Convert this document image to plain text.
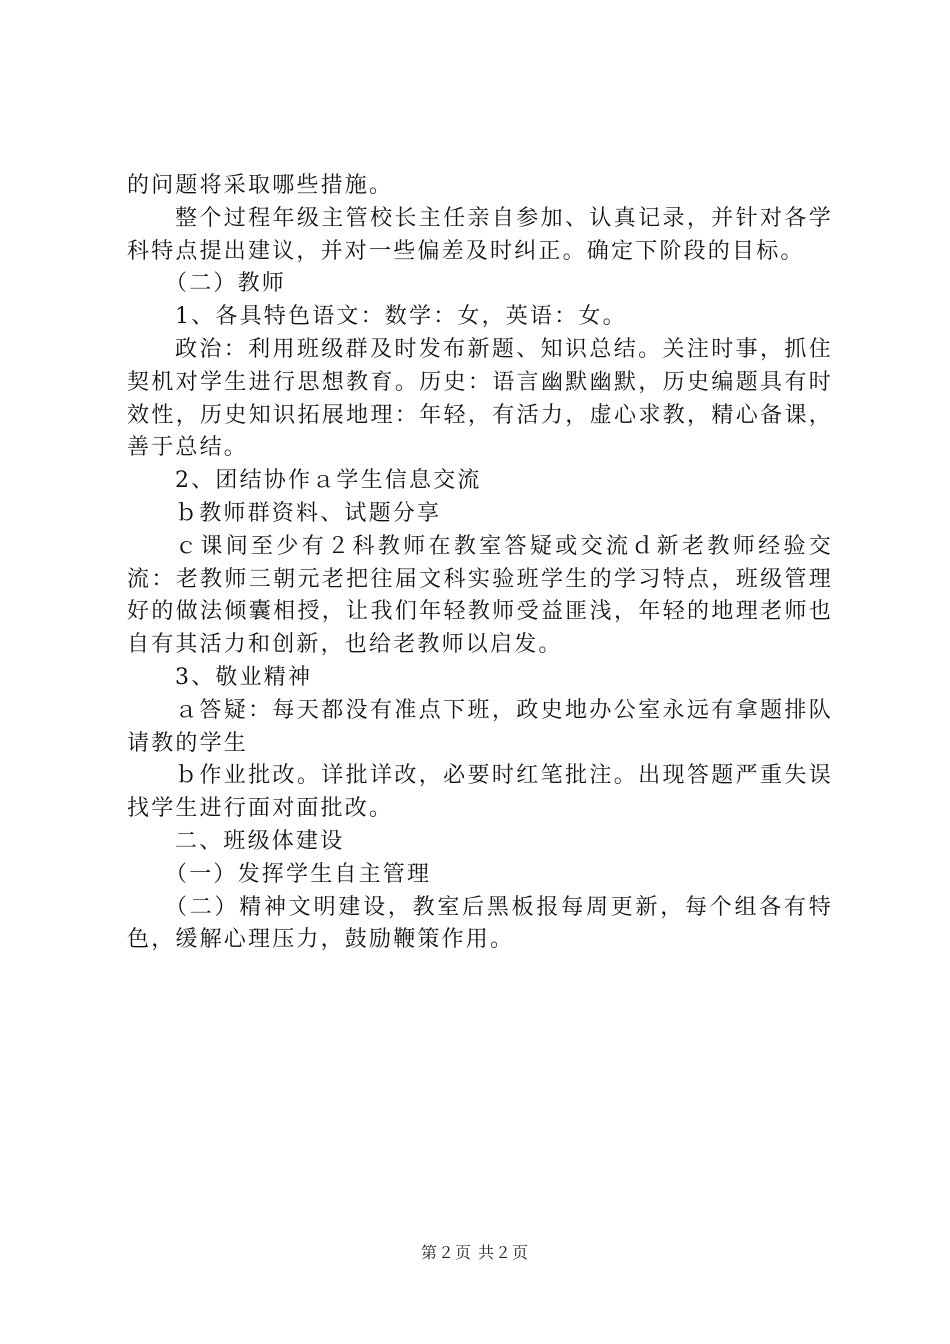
的问题将采取哪些措施。

整个过程年级主管校长主任亲自参加、认真记录，并针对各学科特点提出建议，并对一些偏差及时纠正。确定下阶段的目标。

（二）教师

1、各具特色语文：数学：女，英语：女。

政治：利用班级群及时发布新题、知识总结。关注时事，抓住契机对学生进行思想教育。历史：语言幽默幽默，历史编题具有时效性，历史知识拓展地理：年轻，有活力，虚心求教，精心备课，善于总结。

2、团结协作ａ学生信息交流

ｂ教师群资料、试题分享

ｃ课间至少有２科教师在教室答疑或交流ｄ新老教师经验交流：老教师三朝元老把往届文科实验班学生的学习特点，班级管理好的做法倾囊相授，让我们年轻教师受益匪浅，年轻的地理老师也自有其活力和创新，也给老教师以启发。

3、敬业精神

ａ答疑：每天都没有准点下班，政史地办公室永远有拿题排队请教的学生

ｂ作业批改。详批详改，必要时红笔批注。出现答题严重失误找学生进行面对面批改。

二、班级体建设

（一）发挥学生自主管理

（二）精神文明建设，教室后黑板报每周更新，每个组各有特色，缓解心理压力，鼓励鞭策作用。

第２页 共２页
